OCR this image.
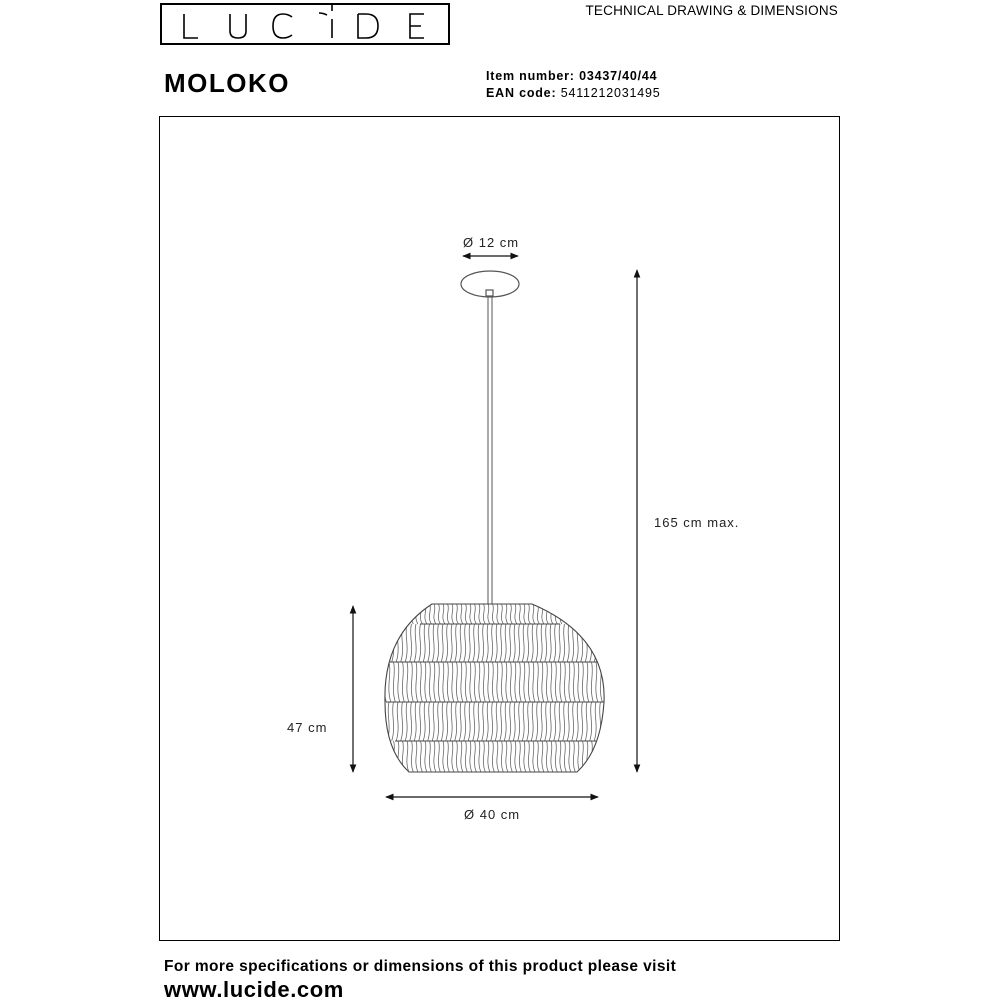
TECHNICAL DRAWING & DIMENSIONS
MOLOKO	Item number: 03437/40/44
EAN code: 5411212031495
Ø 12 cm
165 cm max.
47 cm
Ø 40 cm
For more specifications or dimensions of this product please visit
www.lucide.com
